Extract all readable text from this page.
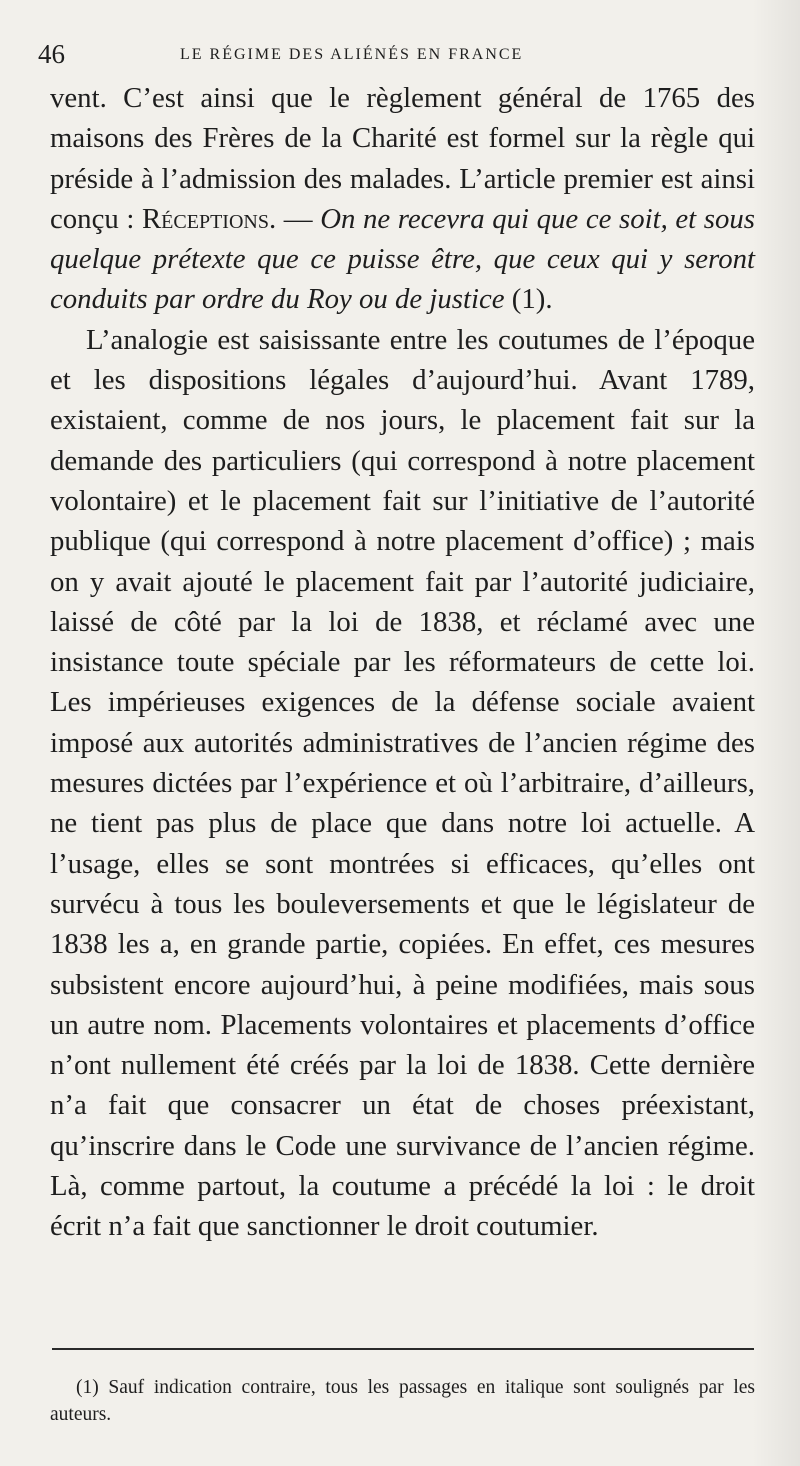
46	LE RÉGIME DES ALIÉNÉS EN FRANCE

vent. C’est ainsi que le règlement général de 1765 des maisons des Frères de la Charité est formel sur la règle qui préside à l’admission des malades. L’article premier est ainsi conçu : Réceptions. — On ne recevra qui que ce soit, et sous quelque prétexte que ce puisse être, que ceux qui y seront conduits par ordre du Roy ou de justice (1).

L’analogie est saisissante entre les coutumes de l’époque et les dispositions légales d’aujourd’hui. Avant 1789, existaient, comme de nos jours, le placement fait sur la demande des particuliers (qui correspond à notre placement volontaire) et le placement fait sur l’initiative de l’autorité publique (qui correspond à notre placement d’office) ; mais on y avait ajouté le placement fait par l’autorité judiciaire, laissé de côté par la loi de 1838, et réclamé avec une insistance toute spéciale par les réformateurs de cette loi. Les impérieuses exigences de la défense sociale avaient imposé aux autorités administratives de l’ancien régime des mesures dictées par l’expérience et où l’arbitraire, d’ailleurs, ne tient pas plus de place que dans notre loi actuelle. A l’usage, elles se sont montrées si efficaces, qu’elles ont survécu à tous les bouleversements et que le législateur de 1838 les a, en grande partie, copiées. En effet, ces mesures subsistent encore aujourd’hui, à peine modifiées, mais sous un autre nom. Placements volontaires et placements d’office n’ont nullement été créés par la loi de 1838. Cette dernière n’a fait que consacrer un état de choses préexistant, qu’inscrire dans le Code une survivance de l’ancien régime. Là, comme partout, la coutume a précédé la loi : le droit écrit n’a fait que sanctionner le droit coutumier.

(1) Sauf indication contraire, tous les passages en italique sont soulignés par les auteurs.
